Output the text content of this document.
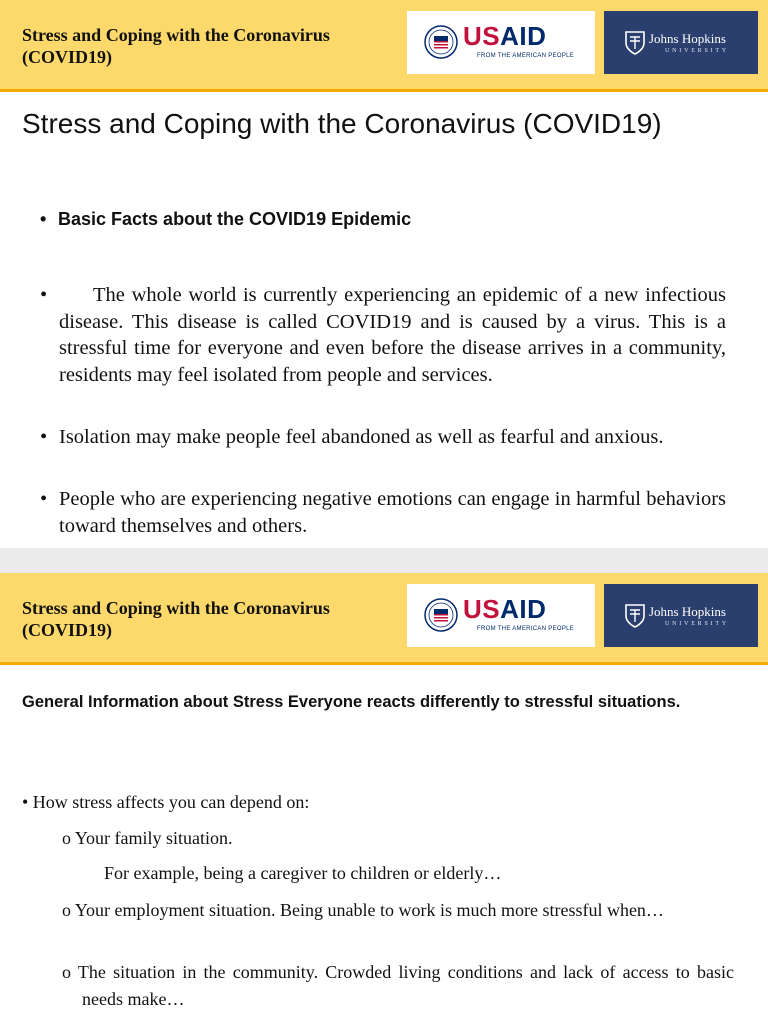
Stress and Coping with the Coronavirus (COVID19)
USAID
FROM THE AMERICAN PEOPLE
Johns Hopkins
UNIVERSITY
Stress and Coping with the Coronavirus (COVID19)
• Basic Facts about the COVID19 Epidemic
•	The whole world is currently experiencing an epidemic of a new infectious disease. This disease is called COVID19 and is caused by a virus. This is a stressful time for everyone and even before the disease arrives in a community, residents may feel isolated from people and services.
• Isolation may make people feel abandoned as well as fearful and anxious.
• People who are experiencing negative emotions can engage in harmful behaviors toward themselves and others.
Stress and Coping with the Coronavirus (COVID19)
USAID
FROM THE AMERICAN PEOPLE
Johns Hopkins
UNIVERSITY
General Information about Stress Everyone reacts differently to stressful situations.
• How stress affects you can depend on:
o Your family situation.
For example, being a caregiver to children or elderly…
o Your employment situation. Being unable to work is much more stressful when…
o The situation in the community. Crowded living conditions and lack of access to basic needs make…
